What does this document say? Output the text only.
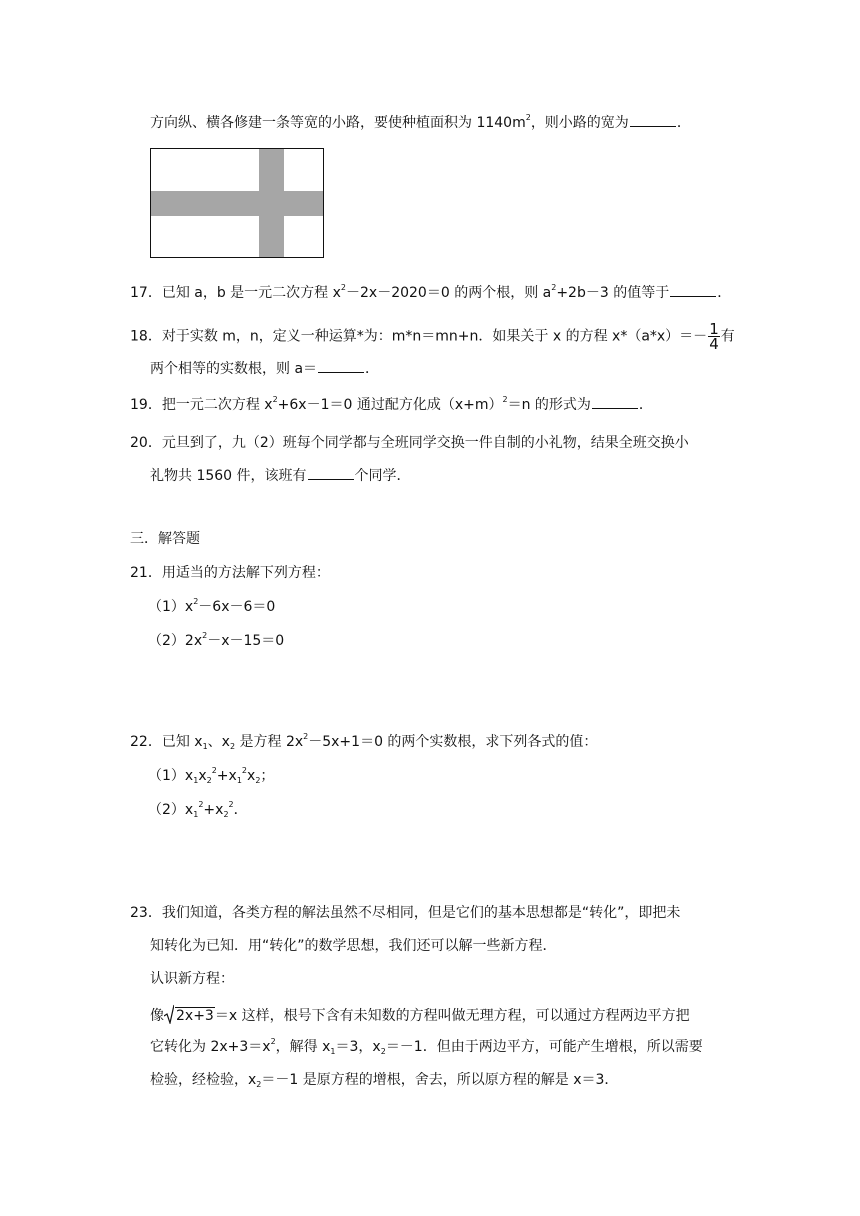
方向纵、横各修建一条等宽的小路，要使种植面积为 $1140m^2$，则小路的宽为	．
17．已知 a，b 是一元二次方程 $x^2-2x-2020=0$ 的两个根，则 $a^2+2b-3$ 的值等于	．
18．对于实数 m，n，定义一种运算*为：m*n＝mn+n．如果关于 x 的方程 $x*(a*x)=- \frac{1}{4}$ 有
两个相等的实数根，则 a＝	．
19．把一元二次方程 $x^2+6x-1=0$ 通过配方化成$(x+m)^2=n$ 的形式为	．
20．元旦到了，九（2）班每个同学都与全班同学交换一件自制的小礼物，结果全班交换小
礼物共 1560 件，该班有	个同学．
三．解答题
21．用适当的方法解下列方程：
$(1)x^2-6x-6=0$
$(2)2x^2-x-15=0$
22．已知 $x_1$、$x_2$ 是方程 $2x^2-5x+1=0$ 的两个实数根，求下列各式的值：
$(1)x_1x_2^2+x_1^2x_2$；
$(2)x_1^2+x_2^2$．
23．我们知道，各类方程的解法虽然不尽相同，但是它们的基本思想都是“转化”，即把未
知转化为已知．用“转化”的数学思想，我们还可以解一些新方程．
认识新方程：
像 2x+3＝x 这样，根号下含有未知数的方程叫做无理方程，可以通过方程两边平方把
它转化为 $2x+3=x^2$，解得 $x_1=3$，$x_2=-1$．但由于两边平方，可能产生增根，所以需要
检验，经检验，$x_2=-1$ 是原方程的增根，舍去，所以原方程的解是 x＝3．
